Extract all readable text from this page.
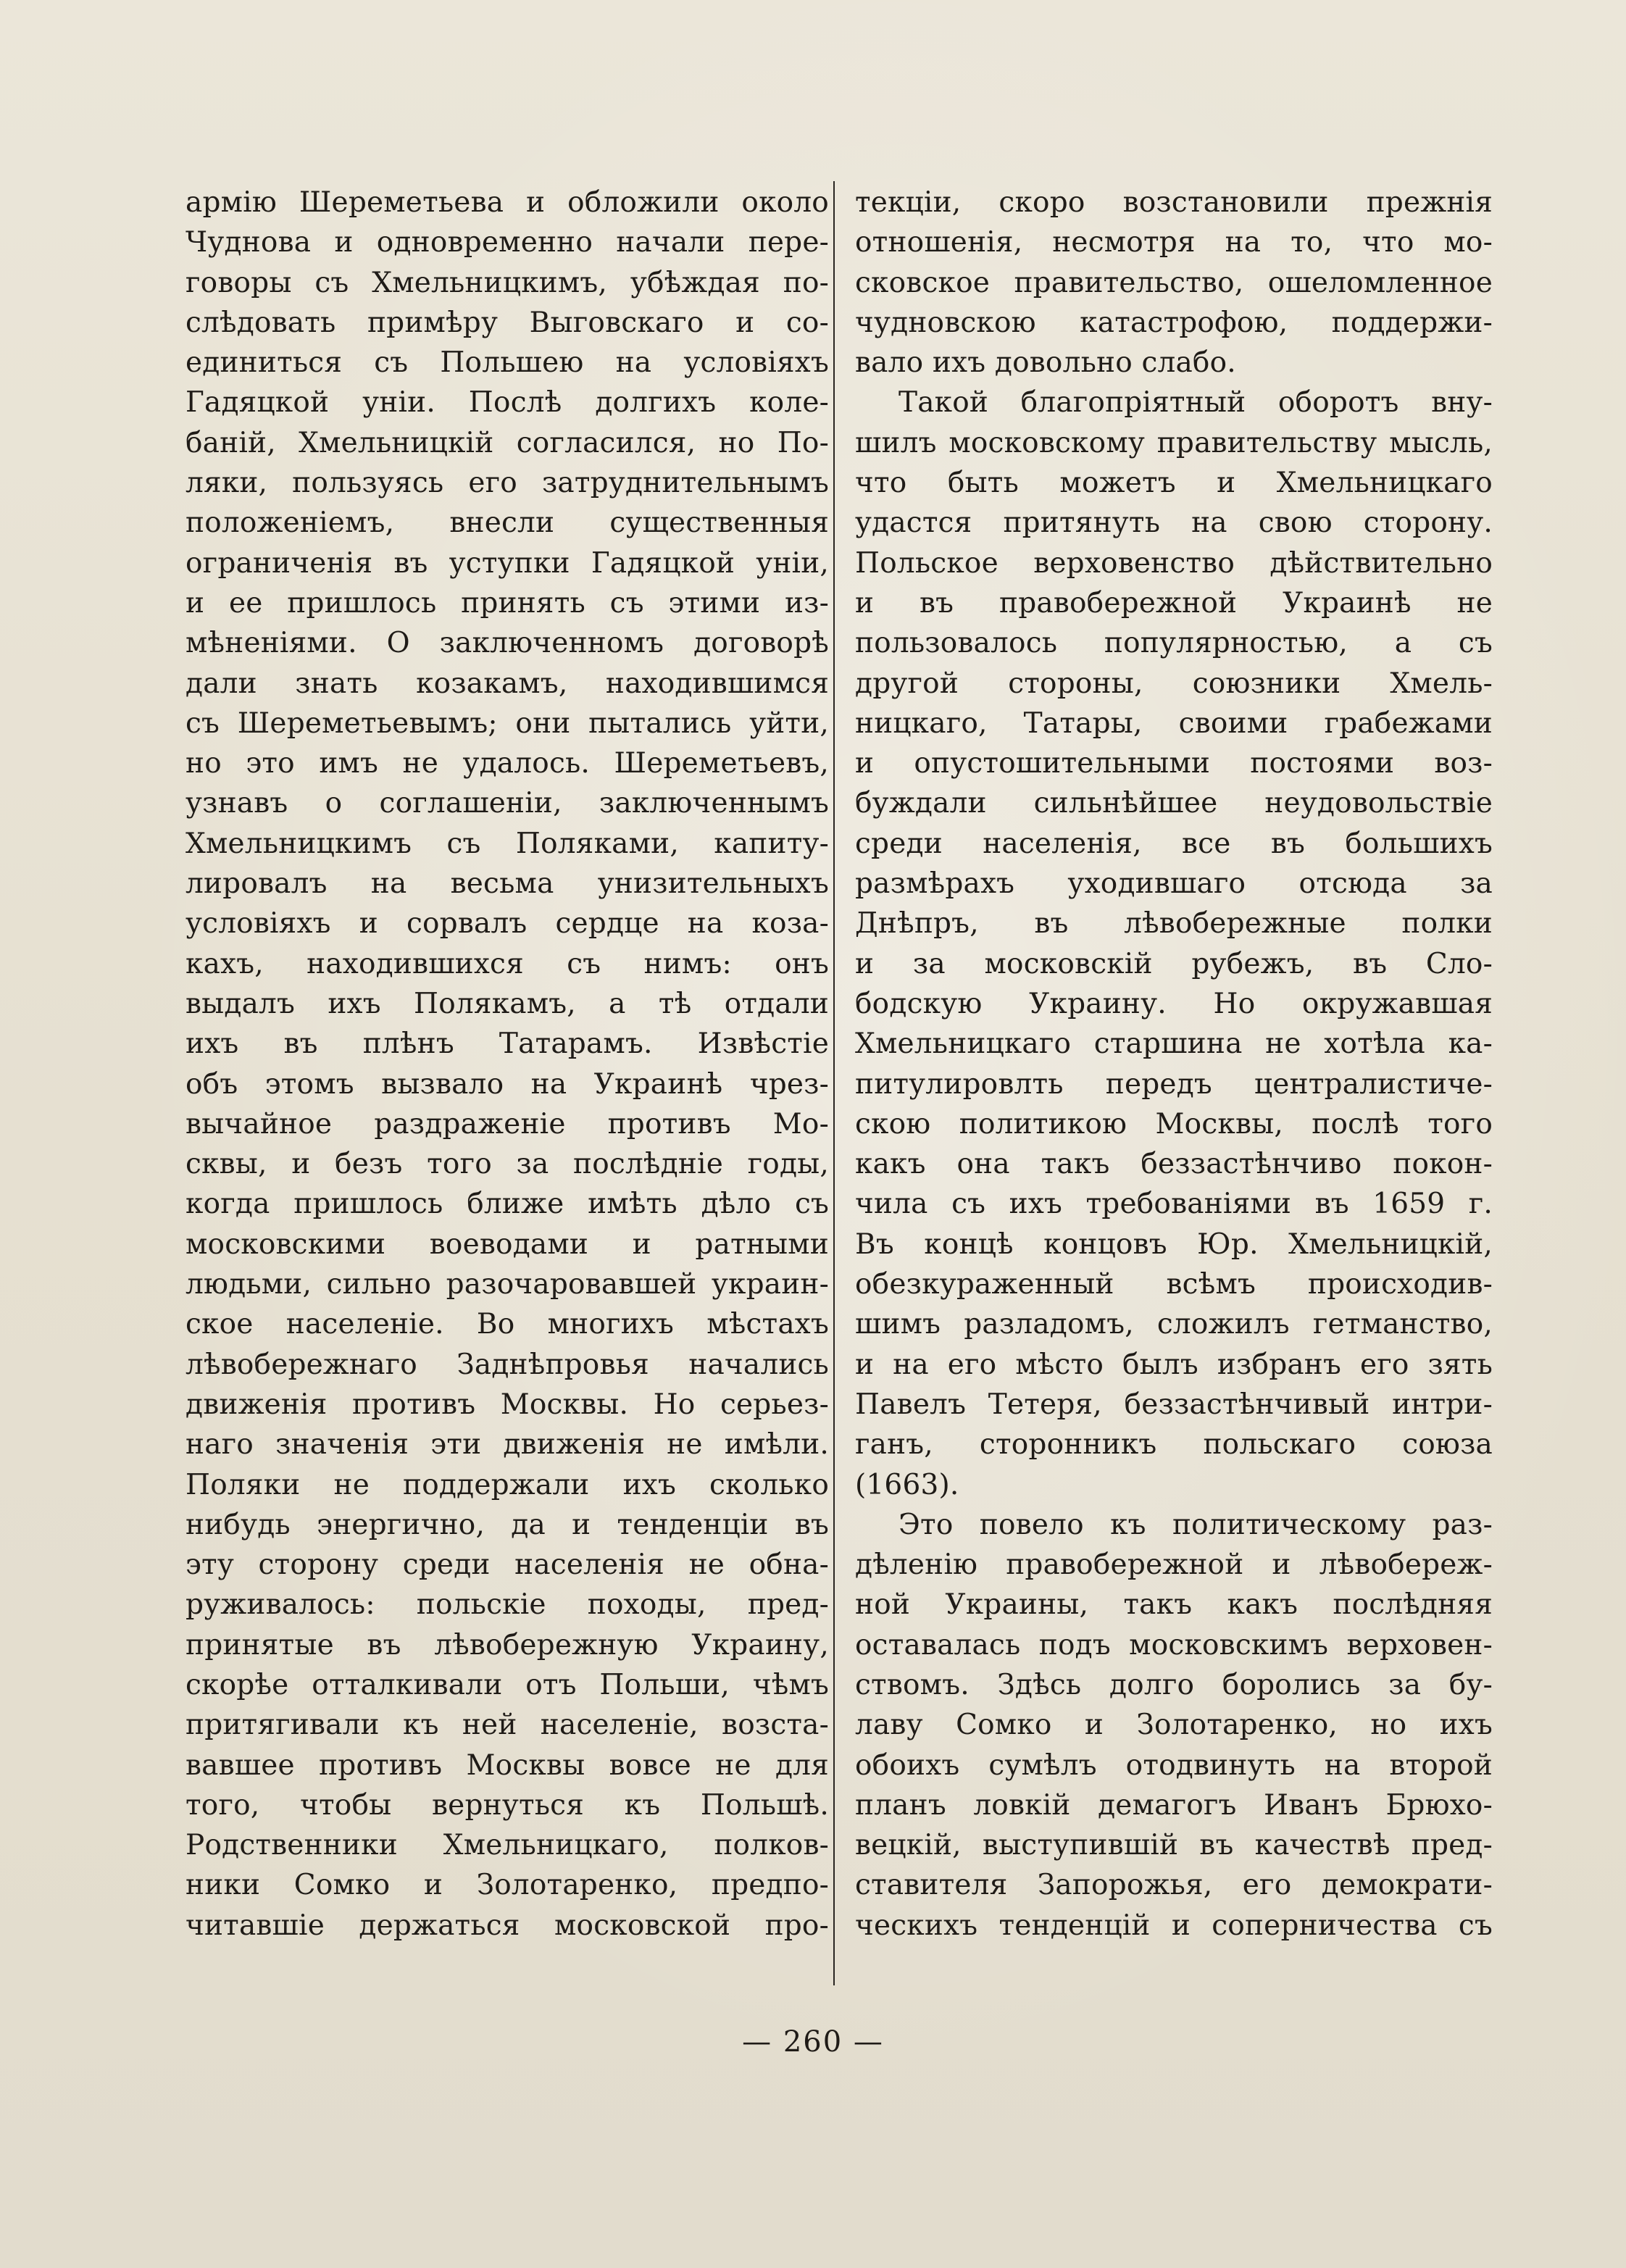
армію Шереметьева и обложили около
Чуднова и одновременно начали пере-
говоры съ Хмельницкимъ, убѣждая по-
слѣдовать примѣру Выговскаго и со-
единиться съ Польшею на условіяхъ
Гадяцкой уніи. Послѣ долгихъ коле-
баній, Хмельницкій согласился, но По-
ляки, пользуясь его затруднительнымъ
положеніемъ, внесли существенныя
ограниченія въ уступки Гадяцкой уніи,
и ее пришлось принять съ этими из-
мѣненіями. О заключенномъ договорѣ
дали знать козакамъ, находившимся
съ Шереметьевымъ; они пытались уйти,
но это имъ не удалось. Шереметьевъ,
узнавъ о соглашеніи, заключеннымъ
Хмельницкимъ съ Поляками, капиту-
лировалъ на весьма унизительныхъ
условіяхъ и сорвалъ сердце на коза-
кахъ, находившихся съ нимъ: онъ
выдалъ ихъ Полякамъ, а тѣ отдали
ихъ въ плѣнъ Татарамъ. Извѣстіе
объ этомъ вызвало на Украинѣ чрез-
вычайное раздраженіе противъ Мо-
сквы, и безъ того за послѣдніе годы,
когда пришлось ближе имѣть дѣло съ
московскими воеводами и ратными
людьми, сильно разочаровавшей украин-
ское населеніе. Во многихъ мѣстахъ
лѣвобережнаго Заднѣпровья начались
движенія противъ Москвы. Но серьез-
наго значенія эти движенія не имѣли.
Поляки не поддержали ихъ сколько
нибудь энергично, да и тенденціи въ
эту сторону среди населенія не обна-
руживалось: польскіе походы, пред-
принятые въ лѣвобережную Украину,
скорѣе отталкивали отъ Польши, чѣмъ
притягивали къ ней населеніе, возста-
вавшее противъ Москвы вовсе не для
того, чтобы вернуться къ Польшѣ.
Родственники Хмельницкаго, полков-
ники Сомко и Золотаренко, предпо-
читавшіе держаться московской про-

текціи, скоро возстановили прежнія
отношенія, несмотря на то, что мо-
сковское правительство, ошеломленное
чудновскою катастрофою, поддержи-
вало ихъ довольно слабо.

Такой благопріятный оборотъ вну-
шилъ московскому правительству мысль,
что быть можетъ и Хмельницкаго
удастся притянуть на свою сторону.
Польское верховенство дѣйствительно
и въ правобережной Украинѣ не
пользовалось популярностью, а съ
другой стороны, союзники Хмель-
ницкаго, Татары, своими грабежами
и опустошительными постоями воз-
буждали сильнѣйшее неудовольствіе
среди населенія, все въ большихъ
размѣрахъ уходившаго отсюда за
Днѣпръ, въ лѣвобережные полки
и за московскій рубежъ, въ Сло-
бодскую Украину. Но окружавшая
Хмельницкаго старшина не хотѣла ка-
питулировлть передъ централистиче-
скою политикою Москвы, послѣ того
какъ она такъ беззастѣнчиво покон-
чила съ ихъ требованіями въ 1659 г.
Въ концѣ концовъ Юр. Хмельницкій,
обезкураженный всѣмъ происходив-
шимъ разладомъ, сложилъ гетманство,
и на его мѣсто былъ избранъ его зять
Павелъ Тетеря, беззастѣнчивый интри-
ганъ, сторонникъ польскаго союза
(1663).

Это повело къ политическому раз-
дѣленію правобережной и лѣвобереж-
ной Украины, такъ какъ послѣдняя
оставалась подъ московскимъ верховен-
ствомъ. Здѣсь долго боролись за бу-
лаву Сомко и Золотаренко, но ихъ
обоихъ сумѣлъ отодвинуть на второй
планъ ловкій демагогъ Иванъ Брюхо-
вецкій, выступившій въ качествѣ пред-
ставителя Запорожья, его демократи-
ческихъ тенденцій и соперничества съ

— 260 —
